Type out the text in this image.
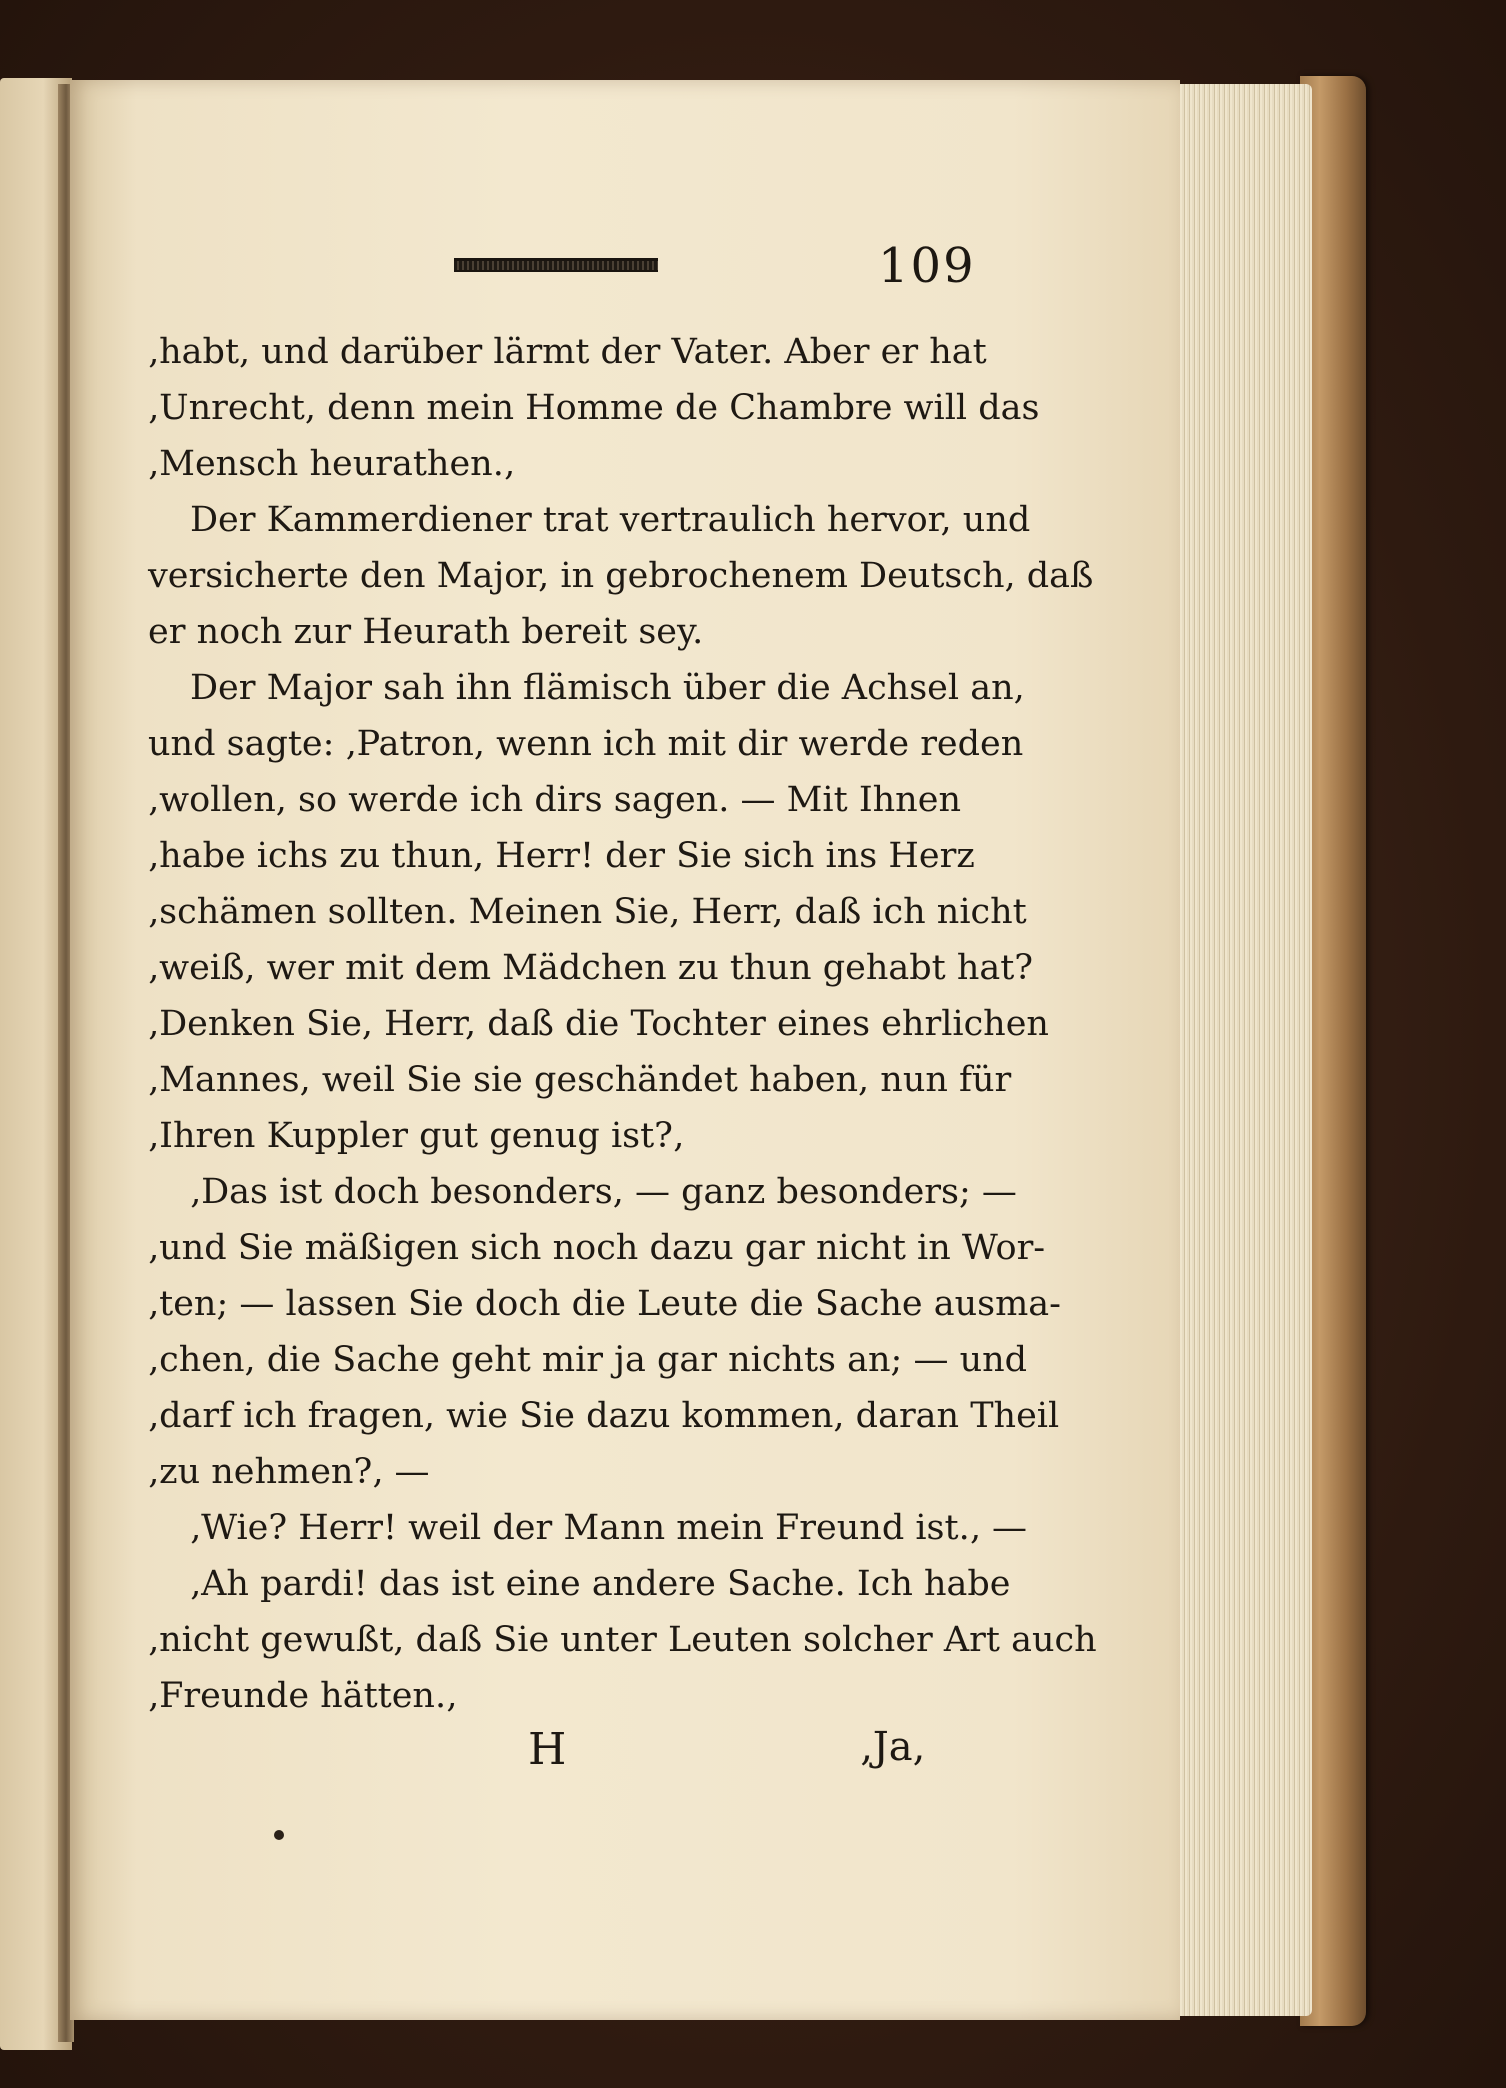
109
‚habt, und darüber lärmt der Vater. Aber er hat
‚Unrecht, denn mein Homme de Chambre will das
‚Mensch heurathen.‚
Der Kammerdiener trat vertraulich hervor, und
versicherte den Major, in gebrochenem Deutsch, daß
er noch zur Heurath bereit sey.
Der Major sah ihn flämisch über die Achsel an,
und sagte: ‚Patron, wenn ich mit dir werde reden
‚wollen, so werde ich dirs sagen. — Mit Ihnen
‚habe ichs zu thun, Herr! der Sie sich ins Herz
‚schämen sollten. Meinen Sie, Herr, daß ich nicht
‚weiß, wer mit dem Mädchen zu thun gehabt hat?
‚Denken Sie, Herr, daß die Tochter eines ehrlichen
‚Mannes, weil Sie sie geschändet haben, nun für
‚Ihren Kuppler gut genug ist?‚
‚Das ist doch besonders, — ganz besonders; —
‚und Sie mäßigen sich noch dazu gar nicht in Wor-
‚ten; — lassen Sie doch die Leute die Sache ausma-
‚chen, die Sache geht mir ja gar nichts an; — und
‚darf ich fragen, wie Sie dazu kommen, daran Theil
‚zu nehmen?‚ —
‚Wie? Herr! weil der Mann mein Freund ist.‚ —
‚Ah pardi! das ist eine andere Sache. Ich habe
‚nicht gewußt, daß Sie unter Leuten solcher Art auch
‚Freunde hätten.‚
H	‚Ja,
